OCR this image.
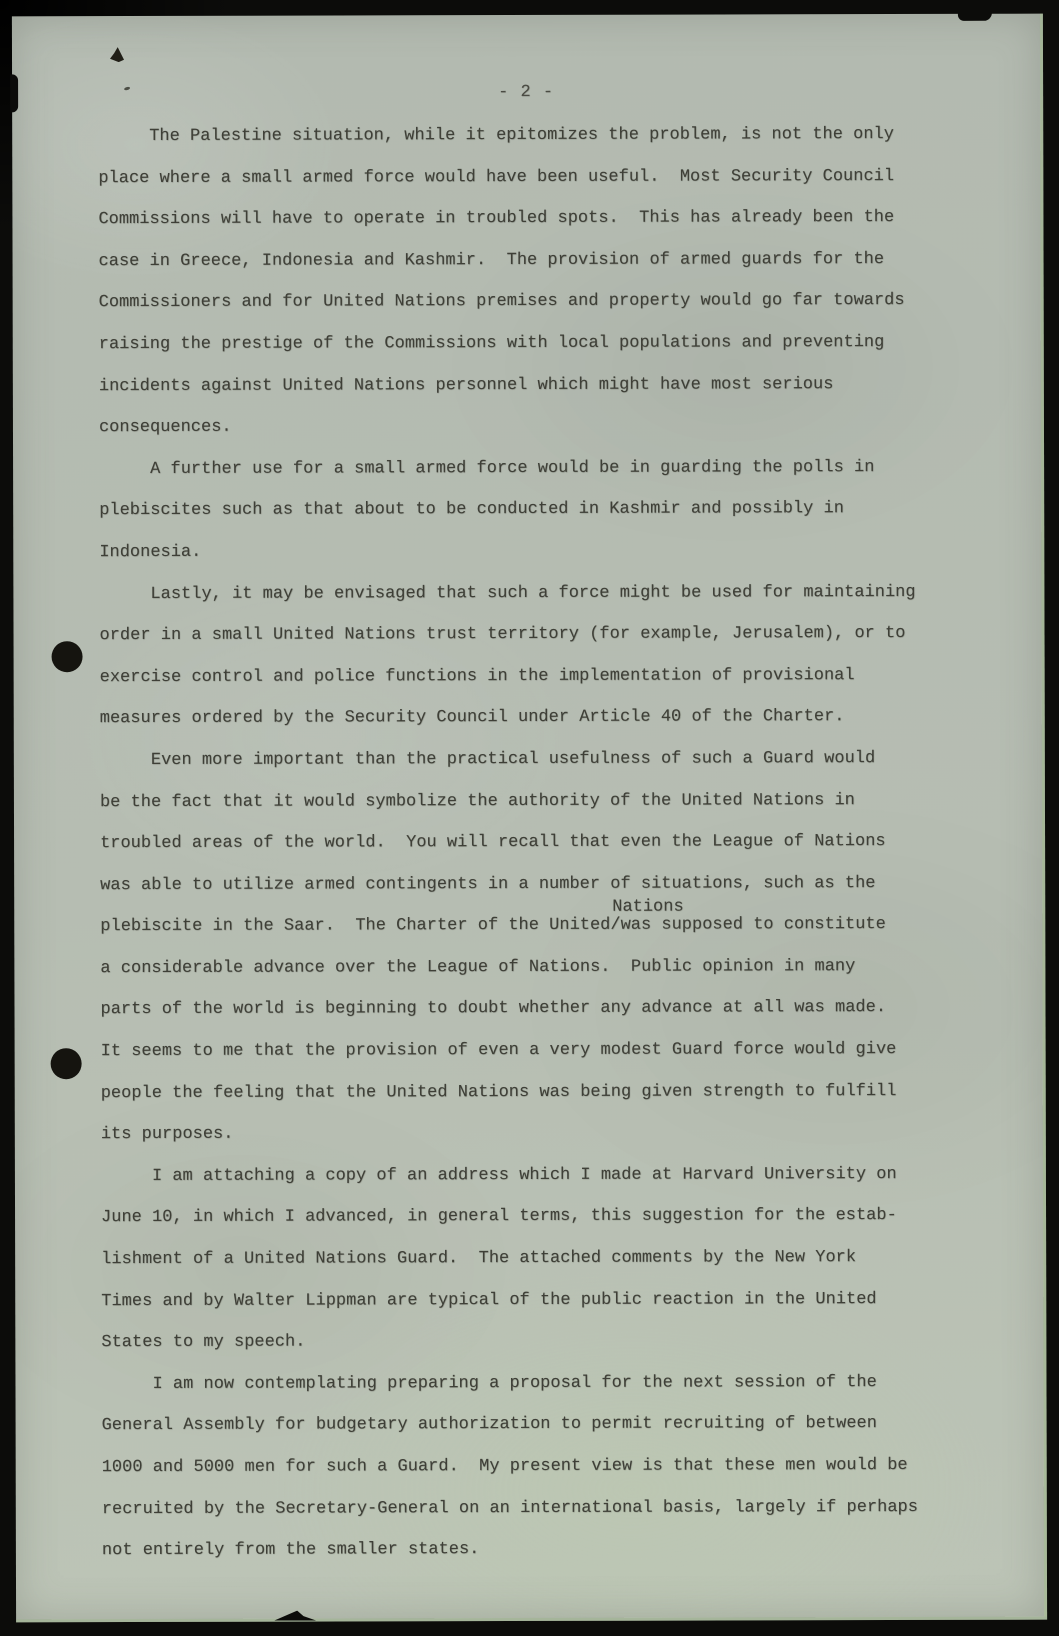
- 2 -
The Palestine situation, while it epitomizes the problem, is not the only
place where a small armed force would have been useful.  Most Security Council
Commissions will have to operate in troubled spots.  This has already been the
case in Greece, Indonesia and Kashmir.  The provision of armed guards for the
Commissioners and for United Nations premises and property would go far towards
raising the prestige of the Commissions with local populations and preventing
incidents against United Nations personnel which might have most serious
consequences.
A further use for a small armed force would be in guarding the polls in
plebiscites such as that about to be conducted in Kashmir and possibly in
Indonesia.
Lastly, it may be envisaged that such a force might be used for maintaining
order in a small United Nations trust territory (for example, Jerusalem), or to
exercise control and police functions in the implementation of provisional
measures ordered by the Security Council under Article 40 of the Charter.
Even more important than the practical usefulness of such a Guard would
be the fact that it would symbolize the authority of the United Nations in
troubled areas of the world.  You will recall that even the League of Nations
was able to utilize armed contingents in a number of situations, such as the
plebiscite in the Saar.  The Charter of the United/was supposed to constitute
a considerable advance over the League of Nations.  Public opinion in many
parts of the world is beginning to doubt whether any advance at all was made.
It seems to me that the provision of even a very modest Guard force would give
people the feeling that the United Nations was being given strength to fulfill
its purposes.
I am attaching a copy of an address which I made at Harvard University on
June 10, in which I advanced, in general terms, this suggestion for the estab-
lishment of a United Nations Guard.  The attached comments by the New York
Times and by Walter Lippman are typical of the public reaction in the United
States to my speech.
I am now contemplating preparing a proposal for the next session of the
General Assembly for budgetary authorization to permit recruiting of between
1000 and 5000 men for such a Guard.  My present view is that these men would be
recruited by the Secretary-General on an international basis, largely if perhaps
not entirely from the smaller states.
Nations
